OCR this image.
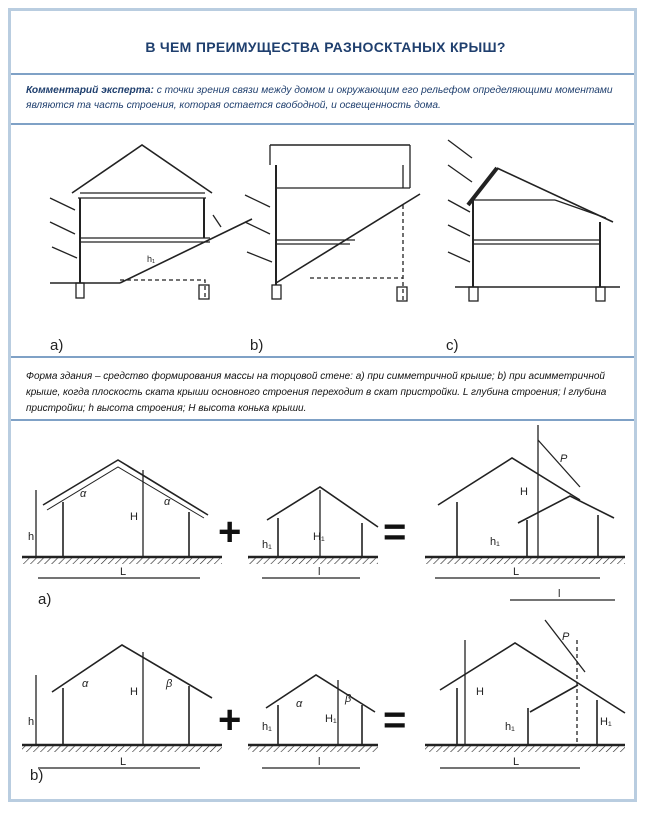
В ЧЕМ ПРЕИМУЩЕСТВА РАЗНОСКТАНЫХ КРЫШ?
Комментарий эксперта: с точки зрения связи между домом и окружающим его рельефом определяющими моментами являются та часть строения, которая остается свободной, и освещенность дома.
Форма здания – средство формирования массы на торцовой стене: a) при симметричной крыше; b) при асимметричной крыше, когда плоскость ската крыши основного строения переходит в скат пристройки. L глубина строения; l глубина пристройки; h высота строения; H высота конька крыши.
h₁
a)	b)	c)
h
H
α
α
L
a)
+ h₁
H₁
l
=
H
h₁
P
L
l
h
H
α	β
L
b)
+ h₁
H₁
α	β
l
=
H
h₁	H₁
P
L
